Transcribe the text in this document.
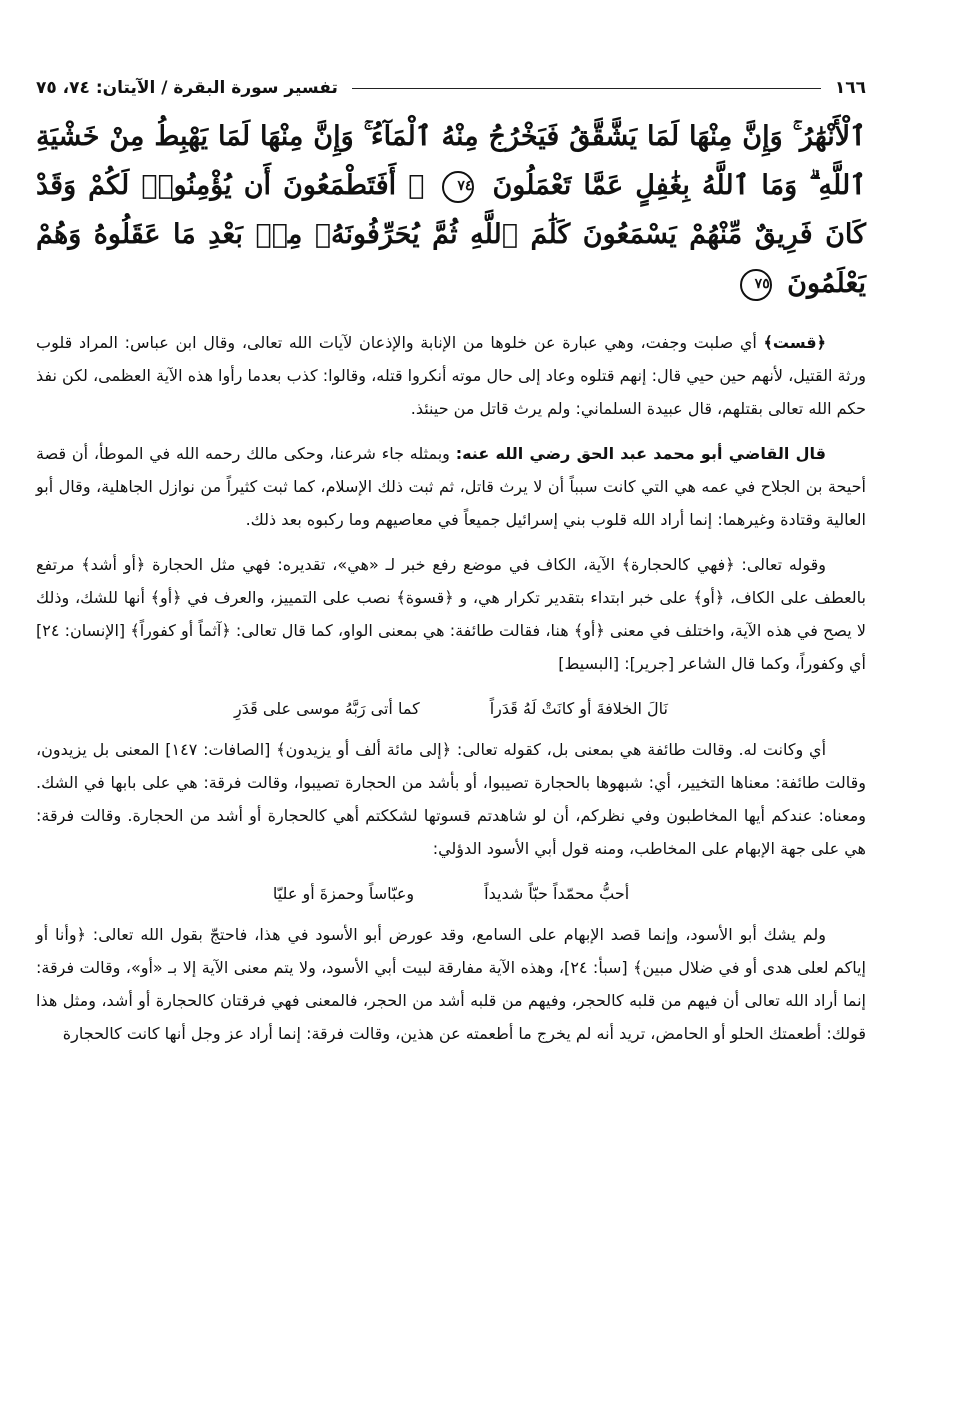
١٦٦
تفسير سورة البقرة / الآيتان: ٧٤، ٧٥
ٱلْأَنْهَٰرُ ۚ وَإِنَّ مِنْهَا لَمَا يَشَّقَّقُ فَيَخْرُجُ مِنْهُ ٱلْمَآءُ ۚ وَإِنَّ مِنْهَا لَمَا يَهْبِطُ مِنْ خَشْيَةِ ٱللَّهِ ۗ وَمَا ٱللَّهُ بِغَٰفِلٍ عَمَّا تَعْمَلُونَ ٧٤ ۞ أَفَتَطْمَعُونَ أَن يُؤْمِنُوا۟ لَكُمْ وَقَدْ كَانَ فَرِيقٌ مِّنْهُمْ يَسْمَعُونَ كَلَٰمَ ٱللَّهِ ثُمَّ يُحَرِّفُونَهُۥ مِنۢ بَعْدِ مَا عَقَلُوهُ وَهُمْ يَعْلَمُونَ ٧٥

﴿قست﴾ أي صلبت وجفت، وهي عبارة عن خلوها من الإنابة والإذعان لآيات الله تعالى، وقال ابن عباس: المراد قلوب ورثة القتيل، لأنهم حين حيي قال: إنهم قتلوه وعاد إلى حال موته أنكروا قتله، وقالوا: كذب بعدما رأوا هذه الآية العظمى، لكن نفذ حكم الله تعالى بقتلهم، قال عبيدة السلماني: ولم يرث قاتل من حينئذ.

قال القاضي أبو محمد عبد الحق رضي الله عنه: وبمثله جاء شرعنا، وحكى مالك رحمه الله في الموطأ، أن قصة أحيحة بن الجلاح في عمه هي التي كانت سبباً أن لا يرث قاتل، ثم ثبت ذلك الإسلام، كما ثبت كثيراً من نوازل الجاهلية، وقال أبو العالية وقتادة وغيرهما: إنما أراد الله قلوب بني إسرائيل جميعاً في معاصيهم وما ركبوه بعد ذلك.

وقوله تعالى: ﴿فهي كالحجارة﴾ الآية، الكاف في موضع رفع خبر لـ «هي»، تقديره: فهي مثل الحجارة ﴿أو أشد﴾ مرتفع بالعطف على الكاف، ﴿أو﴾ على خبر ابتداء بتقدير تكرار هي، و ﴿قسوة﴾ نصب على التمييز، والعرف في ﴿أو﴾ أنها للشك، وذلك لا يصح في هذه الآية، واختلف في معنى ﴿أو﴾ هنا، فقالت طائفة: هي بمعنى الواو، كما قال تعالى: ﴿آثماً أو كفوراً﴾ [الإنسان: ٢٤] أي وكفوراً، وكما قال الشاعر [جرير]: [البسيط]

نَالَ الخلافةَ أو كانَتْ لَهُ قَدَراً
كما أتى رَبَّهُ موسى على قَدَرِ

أي وكانت له. وقالت طائفة هي بمعنى بل، كقوله تعالى: ﴿إلى مائة ألف أو يزيدون﴾ [الصافات: ١٤٧] المعنى بل يزيدون، وقالت طائفة: معناها التخيير، أي: شبهوها بالحجارة تصيبوا، أو بأشد من الحجارة تصيبوا، وقالت فرقة: هي على بابها في الشك. ومعناه: عندكم أيها المخاطبون وفي نظركم، أن لو شاهدتم قسوتها لشككتم أهي كالحجارة أو أشد من الحجارة. وقالت فرقة: هي على جهة الإبهام على المخاطب، ومنه قول أبي الأسود الدؤلي:

أحبُّ محمّداً حبّاً شديداً
وعبّاساً وحمزةَ أو عليّا

ولم يشك أبو الأسود، وإنما قصد الإبهام على السامع، وقد عورض أبو الأسود في هذا، فاحتجّ بقول الله تعالى: ﴿وأنا أو إياكم لعلى هدى أو في ضلال مبين﴾ [سبأ: ٢٤]، وهذه الآية مفارقة لبيت أبي الأسود، ولا يتم معنى الآية إلا بـ «أو»، وقالت فرقة: إنما أراد الله تعالى أن فيهم من قلبه كالحجر، وفيهم من قلبه أشد من الحجر، فالمعنى فهي فرقتان كالحجارة أو أشد، ومثل هذا قولك: أطعمتك الحلو أو الحامض، تريد أنه لم يخرج ما أطعمته عن هذين، وقالت فرقة: إنما أراد عز وجل أنها كانت كالحجارة
